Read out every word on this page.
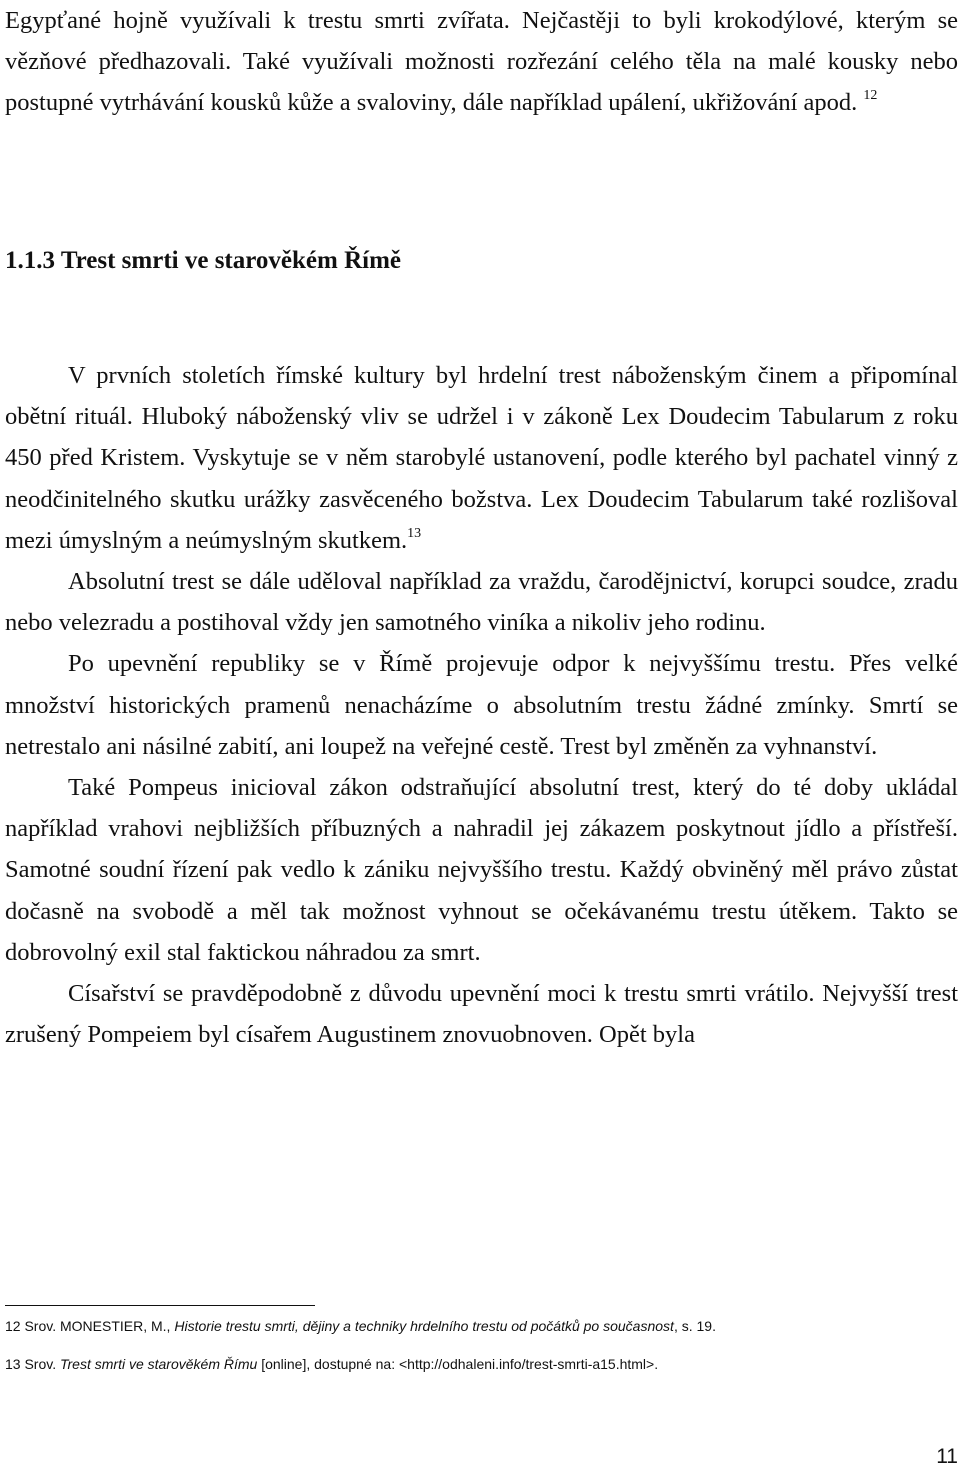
Egypťané hojně využívali k trestu smrti zvířata. Nejčastěji to byli krokodýlové, kterým se vězňové předhazovali. Také využívali možnosti rozřezání celého těla na malé kousky nebo postupné vytrhávání kousků kůže a svaloviny, dále například upálení, ukřižování apod. $^{12}$

1.1.3 Trest smrti ve starověkém Římě

V prvních stoletích římské kultury byl hrdelní trest náboženským činem a připomínal obětní rituál. Hluboký náboženský vliv se udržel i v zákoně Lex Doudecim Tabularum z roku 450 před Kristem. Vyskytuje se v něm starobylé ustanovení, podle kterého byl pachatel vinný z neodčinitelného skutku urážky zasvěceného božstva. Lex Doudecim Tabularum také rozlišoval mezi úmyslným a neúmyslným skutkem.$^{13}$

Absolutní trest se dále uděloval například za vraždu, čarodějnictví, korupci soudce, zradu nebo velezradu a postihoval vždy jen samotného viníka a nikoliv jeho rodinu.

Po upevnění republiky se v Římě projevuje odpor k nejvyššímu trestu. Přes velké množství historických pramenů nenacházíme o absolutním trestu žádné zmínky. Smrtí se netrestalo ani násilné zabití, ani loupež na veřejné cestě. Trest byl změněn za vyhnanství.

Také Pompeus inicioval zákon odstraňující absolutní trest, který do té doby ukládal například vrahovi nejbližších příbuzných a nahradil jej zákazem poskytnout jídlo a přístřeší. Samotné soudní řízení pak vedlo k zániku nejvyššího trestu. Každý obviněný měl právo zůstat dočasně na svobodě a měl tak možnost vyhnout se očekávanému trestu útěkem. Takto se dobrovolný exil stal faktickou náhradou za smrt.

Císařství se pravděpodobně z důvodu upevnění moci k trestu smrti vrátilo. Nejvyšší trest zrušený Pompeiem byl císařem Augustinem znovuobnoven. Opět byla

12 Srov. MONESTIER, M., Historie trestu smrti, dějiny a techniky hrdelního trestu od počátků po současnost, s. 19.

13 Srov. Trest smrti ve starověkém Římu [online], dostupné na: <http://odhaleni.info/trest-smrti-a15.html>.

11
